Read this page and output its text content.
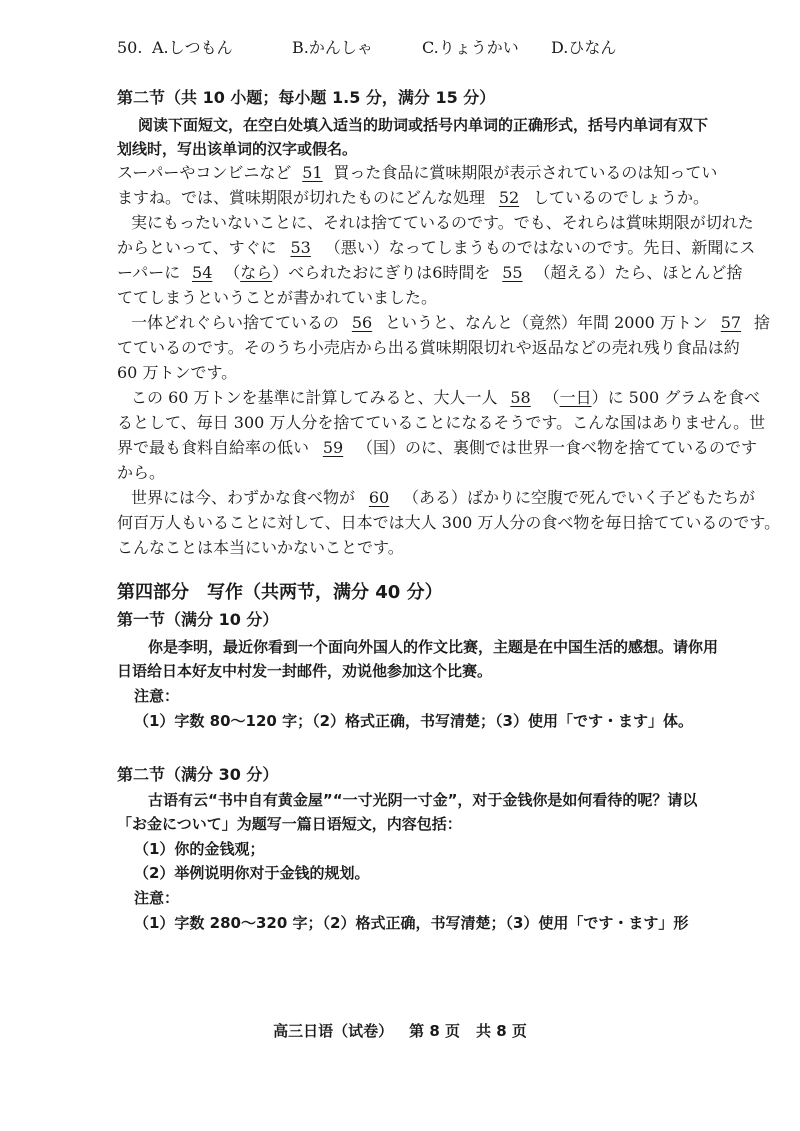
50. A.しつもん	B.かんしゃ	C.りょうかい D.ひなん
第二节（共 10 小题；每小题 1.5 分，满分 15 分）
阅读下面短文，在空白处填入适当的助词或括号内单词的正确形式，括号内单词有双下
划线时，写出该单词的汉字或假名。
スーパーやコンビニなど 51 買った食品に賞味期限が表示されているのは知ってい
ますね。では、賞味期限が切れたものにどんな処理 52 しているのでしょうか。
実にもったいないことに、それは捨てているのです。でも、それらは賞味期限が切れた
からといって、すぐに 53 （悪い）なってしまうものではないのです。先日、新聞にス
ーパーに 54 （なら）べられたおにぎりは6時間を 55 （超える）たら、ほとんど捨
ててしまうということが書かれていました。
一体どれぐらい捨てているの 56 というと、なんと（竟然）年間 2000 万トン 57 捨
てているのです。そのうち小売店から出る賞味期限切れや返品などの売れ残り食品は約
60 万トンです。
この 60 万トンを基準に計算してみると、大人一人 58 （一日）に 500 グラムを食べ
るとして、毎日 300 万人分を捨てていることになるそうです。こんな国はありません。世
界で最も食料自給率の低い 59 （国）のに、裏側では世界一食べ物を捨てているのです
から。
世界には今、わずかな食べ物が 60 （ある）ばかりに空腹で死んでいく子どもたちが
何百万人もいることに対して、日本では大人 300 万人分の食べ物を毎日捨てているのです。
こんなことは本当にいかないことです。
第四部分　写作（共两节，满分 40 分）
第一节（满分 10 分）
你是李明，最近你看到一个面向外国人的作文比赛，主题是在中国生活的感想。请你用
日语给日本好友中村发一封邮件，劝说他参加这个比赛。
注意：
（1）字数 80～120 字；（2）格式正确，书写清楚；（3）使用「です・ます」体。
第二节（满分 30 分）
古语有云“书中自有黄金屋”“一寸光阴一寸金”，对于金钱你是如何看待的呢？请以
「お金について」为题写一篇日语短文，内容包括：
（1）你的金钱观；
（2）举例说明你对于金钱的规划。
注意：
（1）字数 280～320 字；（2）格式正确，书写清楚；（3）使用「です・ます」形
高三日语（试卷） 第 8 页 共 8 页
